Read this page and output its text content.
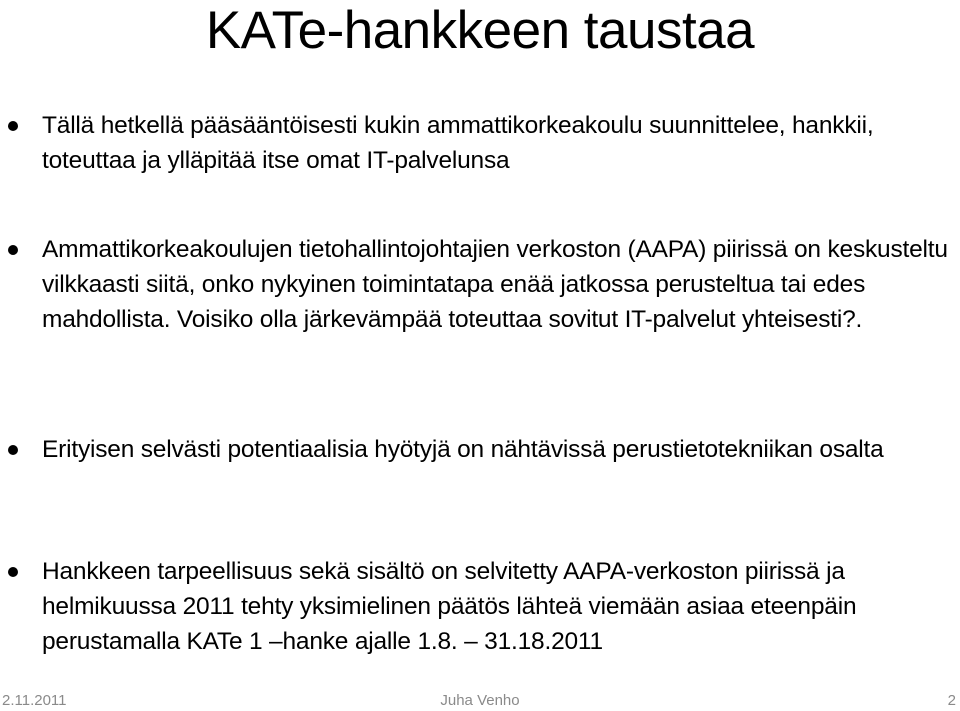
KATe-hankkeen taustaa
Tällä hetkellä pääsääntöisesti kukin ammattikorkeakoulu suunnittelee, hankkii, toteuttaa ja ylläpitää itse omat IT-palvelunsa
Ammattikorkeakoulujen tietohallintojohtajien verkoston (AAPA) piirissä on keskusteltu vilkkaasti siitä, onko nykyinen toimintatapa enää jatkossa perusteltua tai edes mahdollista. Voisiko olla järkevämpää toteuttaa sovitut IT-palvelut yhteisesti?.
Erityisen selvästi potentiaalisia hyötyjä on nähtävissä perustietotekniikan osalta
Hankkeen tarpeellisuus sekä sisältö on selvitetty AAPA-verkoston piirissä ja helmikuussa 2011 tehty yksimielinen päätös lähteä viemään asiaa eteenpäin perustamalla KATe 1 –hanke ajalle 1.8. – 31.18.2011
Juha Venho
2.11.2011	2
